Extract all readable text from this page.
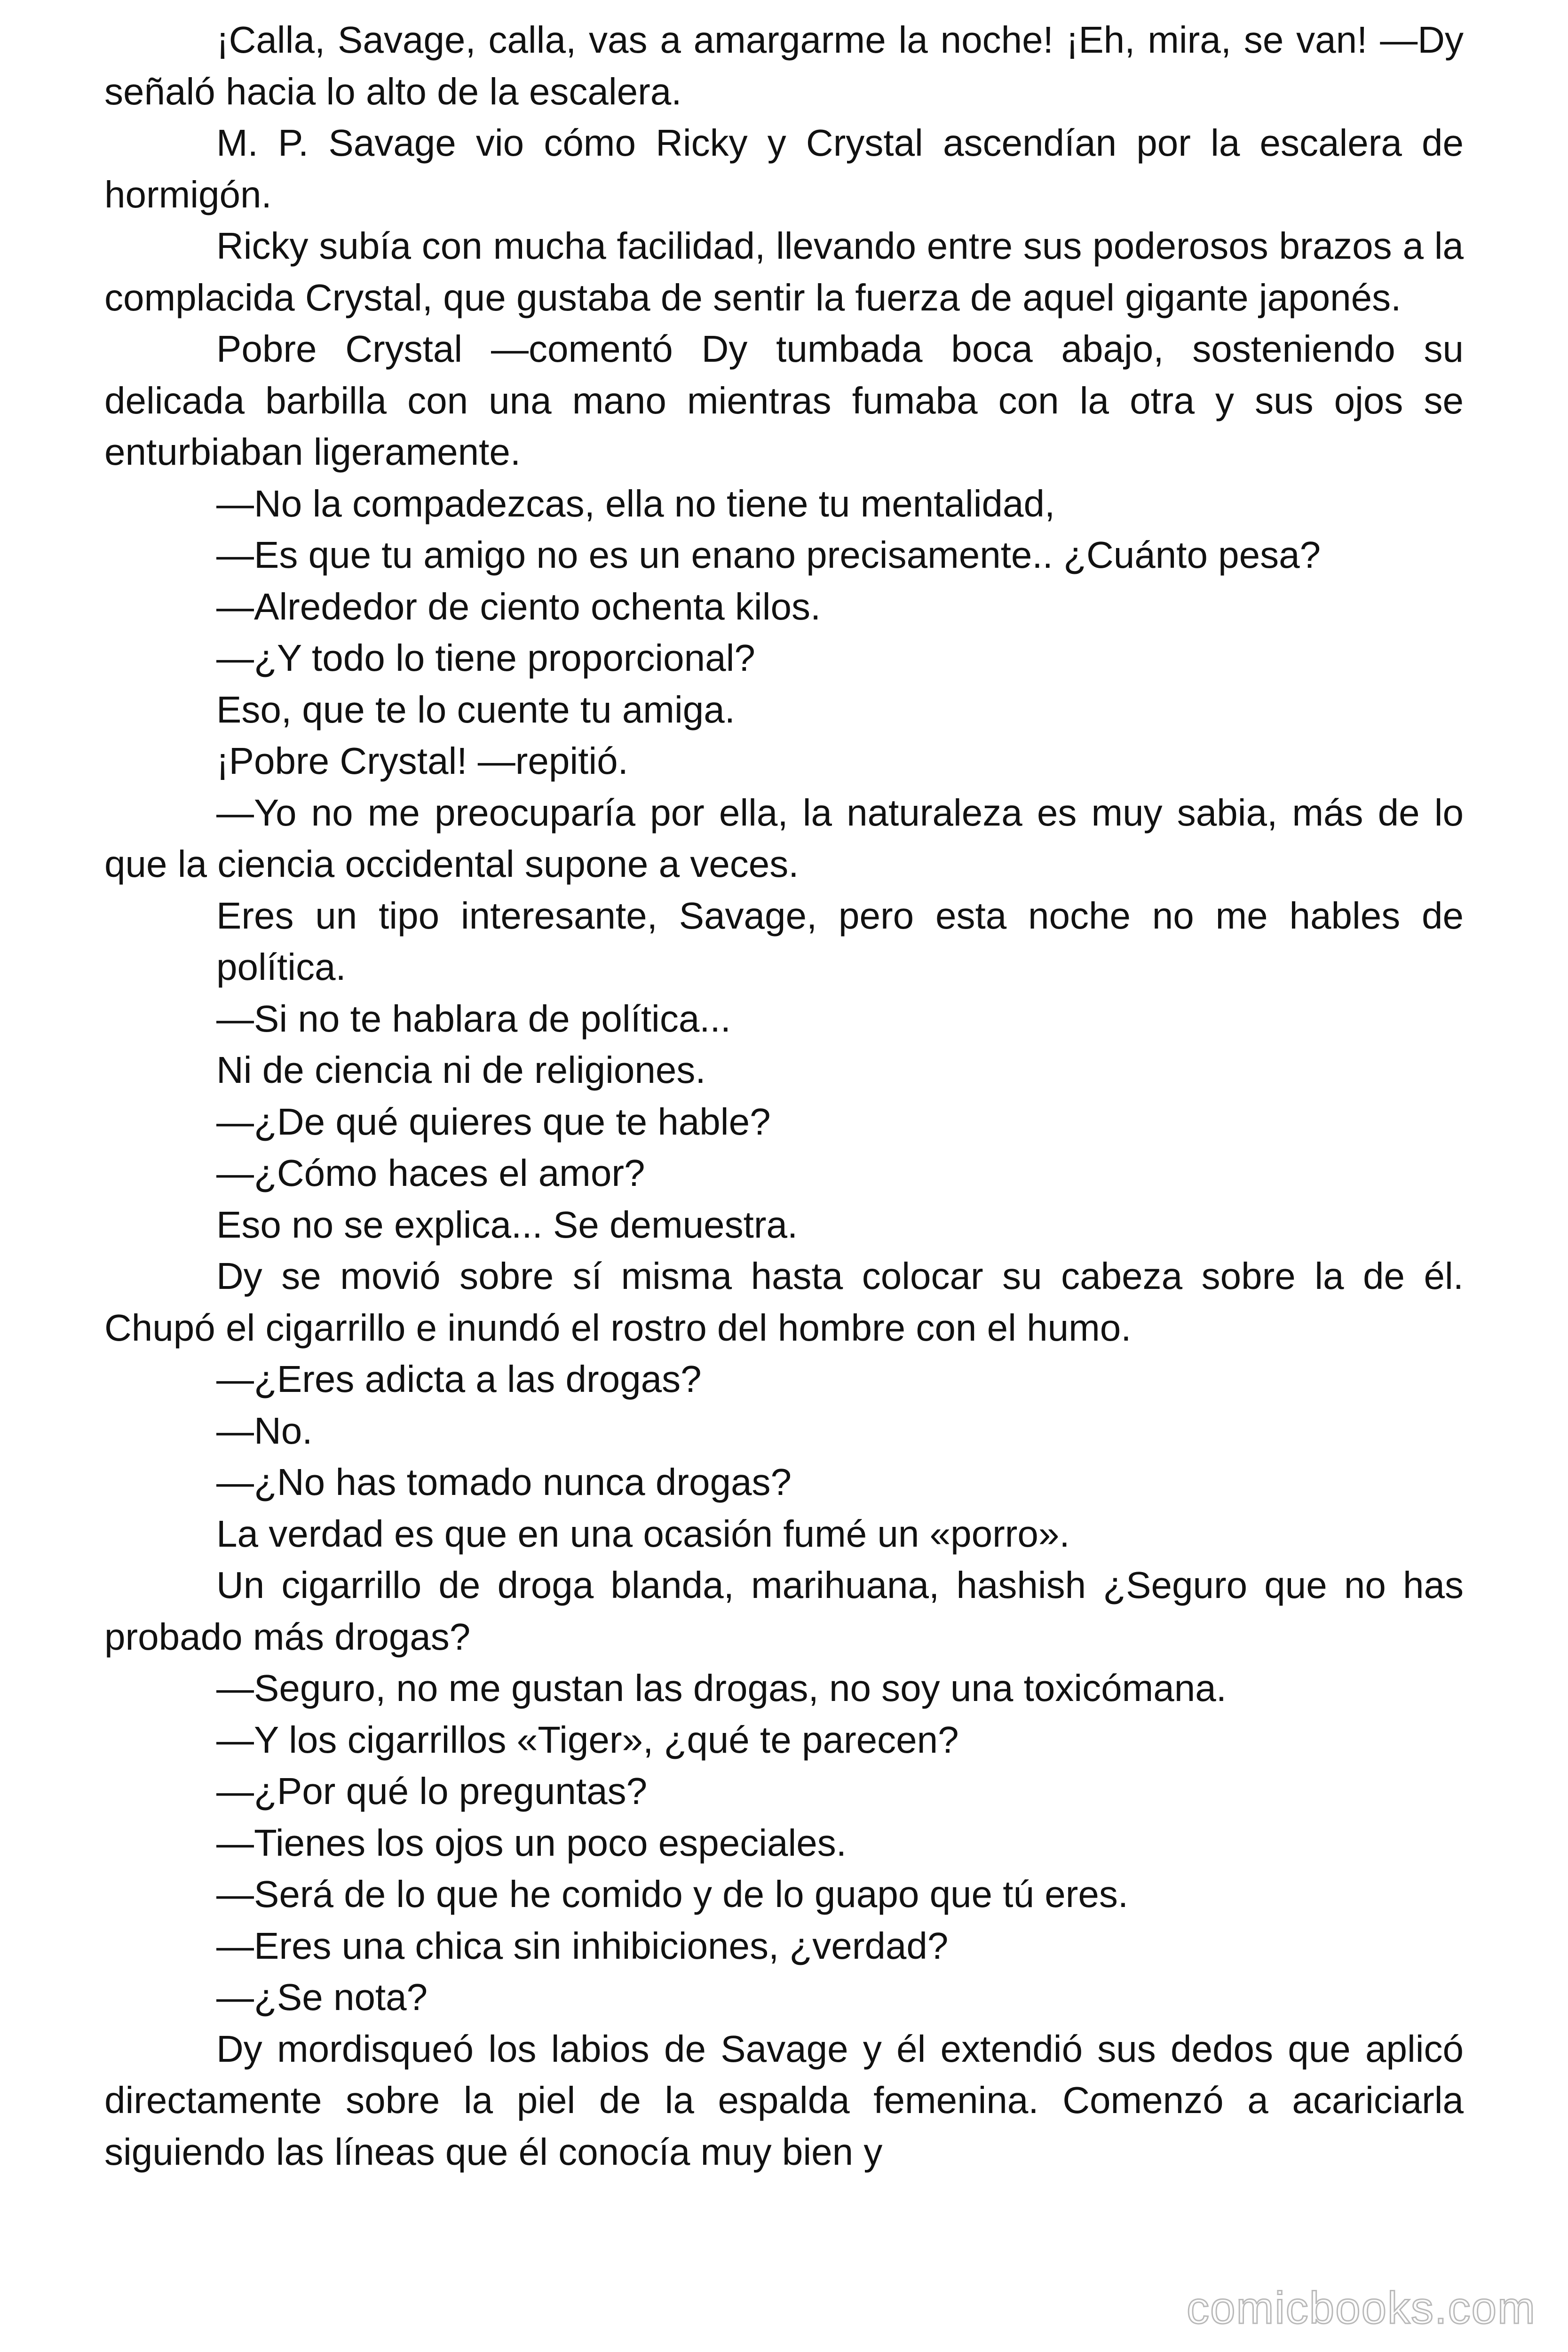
¡Calla, Savage, calla, vas a amargarme la noche! ¡Eh, mira, se van! —Dy señaló hacia lo alto de la escalera.

M. P. Savage vio cómo Ricky y Crystal ascendían por la escalera de hormigón.

Ricky subía con mucha facilidad, llevando entre sus poderosos brazos a la complacida Crystal, que gustaba de sentir la fuerza de aquel gigante japonés.

Pobre Crystal —comentó Dy tumbada boca abajo, sosteniendo su delicada barbilla con una mano mientras fumaba con la otra y sus ojos se enturbiaban ligeramente.

—No la compadezcas, ella no tiene tu mentalidad,

—Es que tu amigo no es un enano precisamente.. ¿Cuánto pesa?

—Alrededor de ciento ochenta kilos.

—¿Y todo lo tiene proporcional?

Eso, que te lo cuente tu amiga.

¡Pobre Crystal! —repitió.

—Yo no me preocuparía por ella, la naturaleza es muy sabia, más de lo que la ciencia occidental supone a veces.

Eres un tipo interesante, Savage, pero esta noche no me hables de política.

—Si no te hablara de política...

Ni de ciencia ni de religiones.

—¿De qué quieres que te hable?

—¿Cómo haces el amor?

Eso no se explica... Se demuestra.

Dy se movió sobre sí misma hasta colocar su cabeza sobre la de él. Chupó el cigarrillo e inundó el rostro del hombre con el humo.

—¿Eres adicta a las drogas?

—No.

—¿No has tomado nunca drogas?

La verdad es que en una ocasión fumé un «porro».

Un cigarrillo de droga blanda, marihuana, hashish ¿Seguro que no has probado más drogas?

—Seguro, no me gustan las drogas, no soy una toxicómana.

—Y los cigarrillos «Tiger», ¿qué te parecen?

—¿Por qué lo preguntas?

—Tienes los ojos un poco especiales.

—Será de lo que he comido y de lo guapo que tú eres.

—Eres una chica sin inhibiciones, ¿verdad?

—¿Se nota?

Dy mordisqueó los labios de Savage y él extendió sus dedos que aplicó directamente sobre la piel de la espalda femenina. Comenzó a acariciarla siguiendo las líneas que él conocía muy bien y

comicbooks.com
